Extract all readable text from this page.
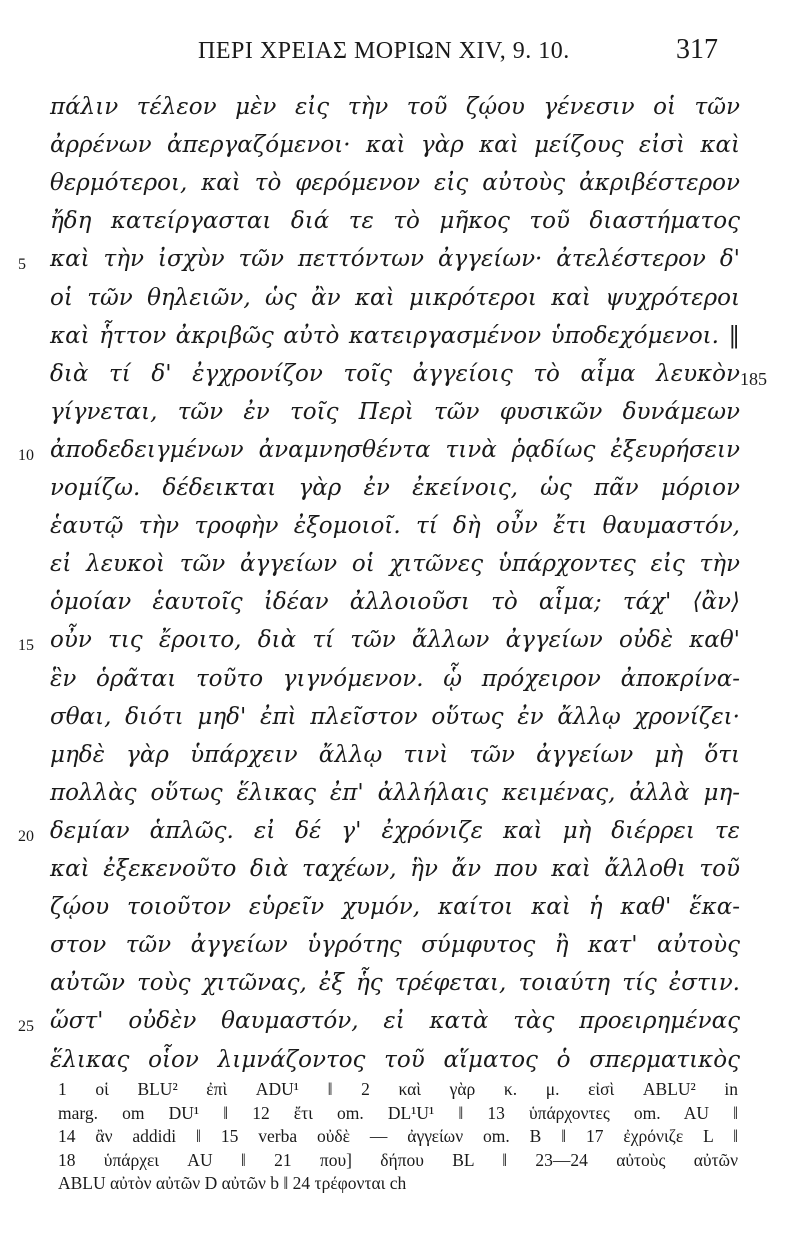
ΠΕΡΙ ΧΡΕΙΑΣ ΜΟΡΙΩΝ XIV, 9. 10.	317
πάλιν τέλεον μὲν εἰς τὴν τοῦ ζῴου γένεσιν οἱ τῶν
ἀρρένων ἀπεργαζόμενοι· καὶ γὰρ καὶ μείζους εἰσὶ καὶ
θερμότεροι, καὶ τὸ φερόμενον εἰς αὐτοὺς ἀκριβέστερον
ἤδη κατείργασται διά τε τὸ μῆκος τοῦ διαστήματος
5 καὶ τὴν ἰσχὺν τῶν πεττόντων ἀγγείων· ἀτελέστερον δ'
οἱ τῶν θηλειῶν, ὡς ἂν καὶ μικρότεροι καὶ ψυχρότεροι
καὶ ἧττον ἀκριβῶς αὐτὸ κατειργασμένον ὑποδεχόμενοι. ‖
διὰ τί δ' ἐγχρονίζον τοῖς ἀγγείοις τὸ αἷμα λευκὸν 185
γίγνεται, τῶν ἐν τοῖς Περὶ τῶν φυσικῶν δυνάμεων
10 ἀποδεδειγμένων ἀναμνησθέντα τινὰ ῥᾳδίως ἐξευρήσειν
νομίζω. δέδεικται γὰρ ἐν ἐκείνοις, ὡς πᾶν μόριον
ἑαυτῷ τὴν τροφὴν ἐξομοιοῖ. τί δὴ οὖν ἔτι θαυμαστόν,
εἰ λευκοὶ τῶν ἀγγείων οἱ χιτῶνες ὑπάρχοντες εἰς τὴν
ὁμοίαν ἑαυτοῖς ἰδέαν ἀλλοιοῦσι τὸ αἷμα; τάχ' ⟨ἂν⟩
15 οὖν τις ἔροιτο, διὰ τί τῶν ἄλλων ἀγγείων οὐδὲ καθ'
ἓν ὁρᾶται τοῦτο γιγνόμενον. ᾧ πρόχειρον ἀποκρίνα-
σθαι, διότι μηδ' ἐπὶ πλεῖστον οὕτως ἐν ἄλλῳ χρονίζει·
μηδὲ γὰρ ὑπάρχειν ἄλλῳ τινὶ τῶν ἀγγείων μὴ ὅτι
πολλὰς οὕτως ἕλικας ἐπ' ἀλλήλαις κειμένας, ἀλλὰ μη-
20 δεμίαν ἁπλῶς. εἰ δέ γ' ἐχρόνιζε καὶ μὴ διέρρει τε
καὶ ἐξεκενοῦτο διὰ ταχέων, ἣν ἄν που καὶ ἄλλοθι τοῦ
ζῴου τοιοῦτον εὑρεῖν χυμόν, καίτοι καὶ ἡ καθ' ἕκα-
στον τῶν ἀγγείων ὑγρότης σύμφυτος ἢ κατ' αὐτοὺς
αὐτῶν τοὺς χιτῶνας, ἐξ ἧς τρέφεται, τοιαύτη τίς ἐστιν.
25 ὥστ' οὐδὲν θαυμαστόν, εἰ κατὰ τὰς προειρημένας
ἕλικας οἷον λιμνάζοντος τοῦ αἵματος ὁ σπερματικὸς
1 οἱ BLU² ἐπὶ ADU¹ ‖ 2 καὶ γὰρ κ. μ. εἰσὶ ABLU² in
marg. om DU¹ ‖ 12 ἔτι om. DL¹U¹ ‖ 13 ὑπάρχοντες om. AU ‖
14 ἂν addidi ‖ 15 verba οὐδὲ — ἀγγείων om. B ‖ 17 ἐχρόνιζε L ‖
18 ὑπάρχει AU ‖ 21 που] δήπου BL ‖ 23—24 αὐτοὺς αὐτῶν
ABLU αὐτὸν αὐτῶν D αὐτῶν b ‖ 24 τρέφονται ch
